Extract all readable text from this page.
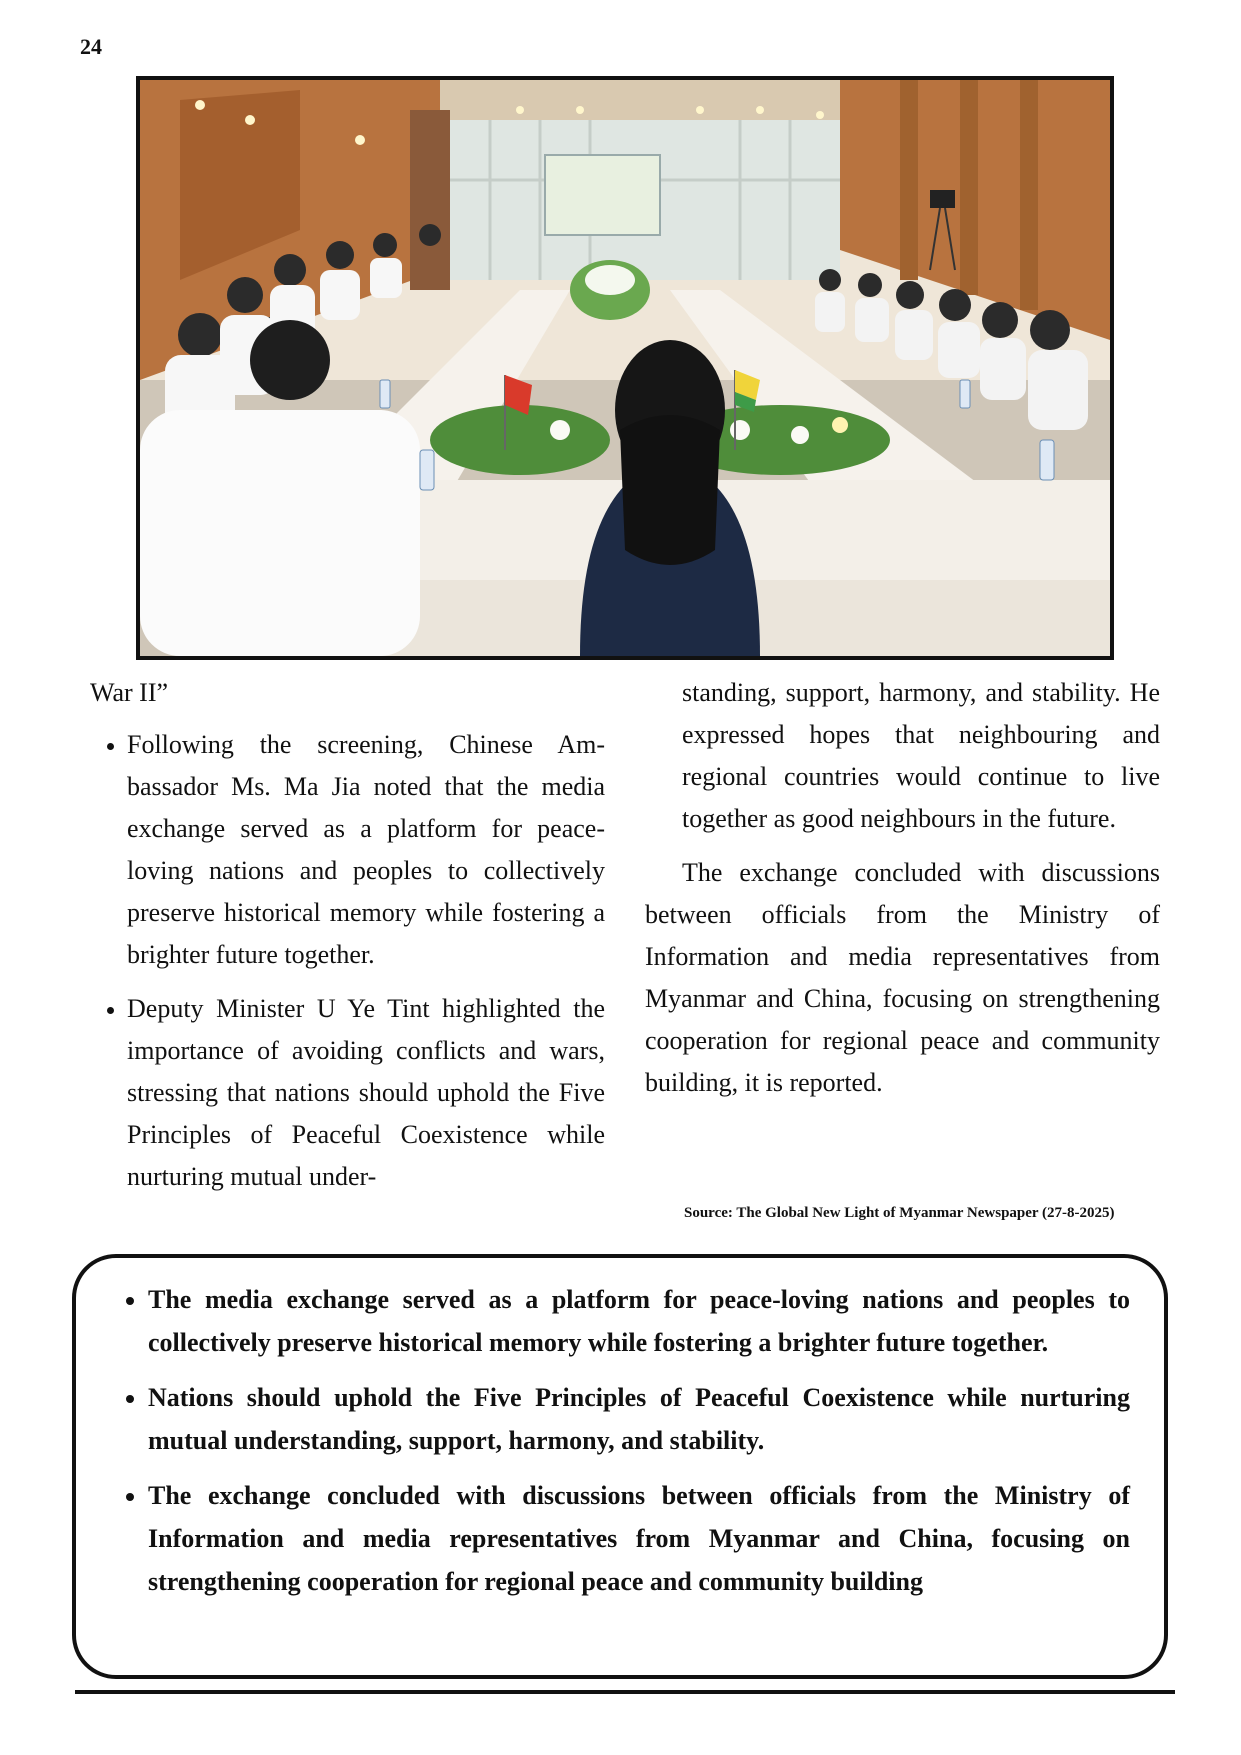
24

War II”

• Following the screening, Chinese Ambassador Ms. Ma Jia noted that the media exchange served as a platform for peace-loving nations and peoples to collectively preserve historical memory while fostering a brighter future together.
• Deputy Minister U Ye Tint highlighted the importance of avoiding conflicts and wars, stressing that nations should uphold the Five Principles of Peaceful Coexistence while nurturing mutual under-

standing, support, harmony, and stability. He expressed hopes that neighbouring and regional countries would continue to live together as good neighbours in the future.

The exchange concluded with discussions between officials from the Ministry of Information and media representatives from Myanmar and China, focusing on strengthening cooperation for regional peace and community building, it is reported.

Source: The Global New Light of Myanmar Newspaper (27-8-2025)
• The media exchange served as a platform for peace-loving nations and peoples to collectively preserve historical memory while fostering a brighter future together.
• Nations should uphold the Five Principles of Peaceful Coexistence while nurturing mutual understanding, support, harmony, and stability.
• The exchange concluded with discussions between officials from the Ministry of Information and media representatives from Myanmar and China, focusing on strengthening cooperation for regional peace and community building
